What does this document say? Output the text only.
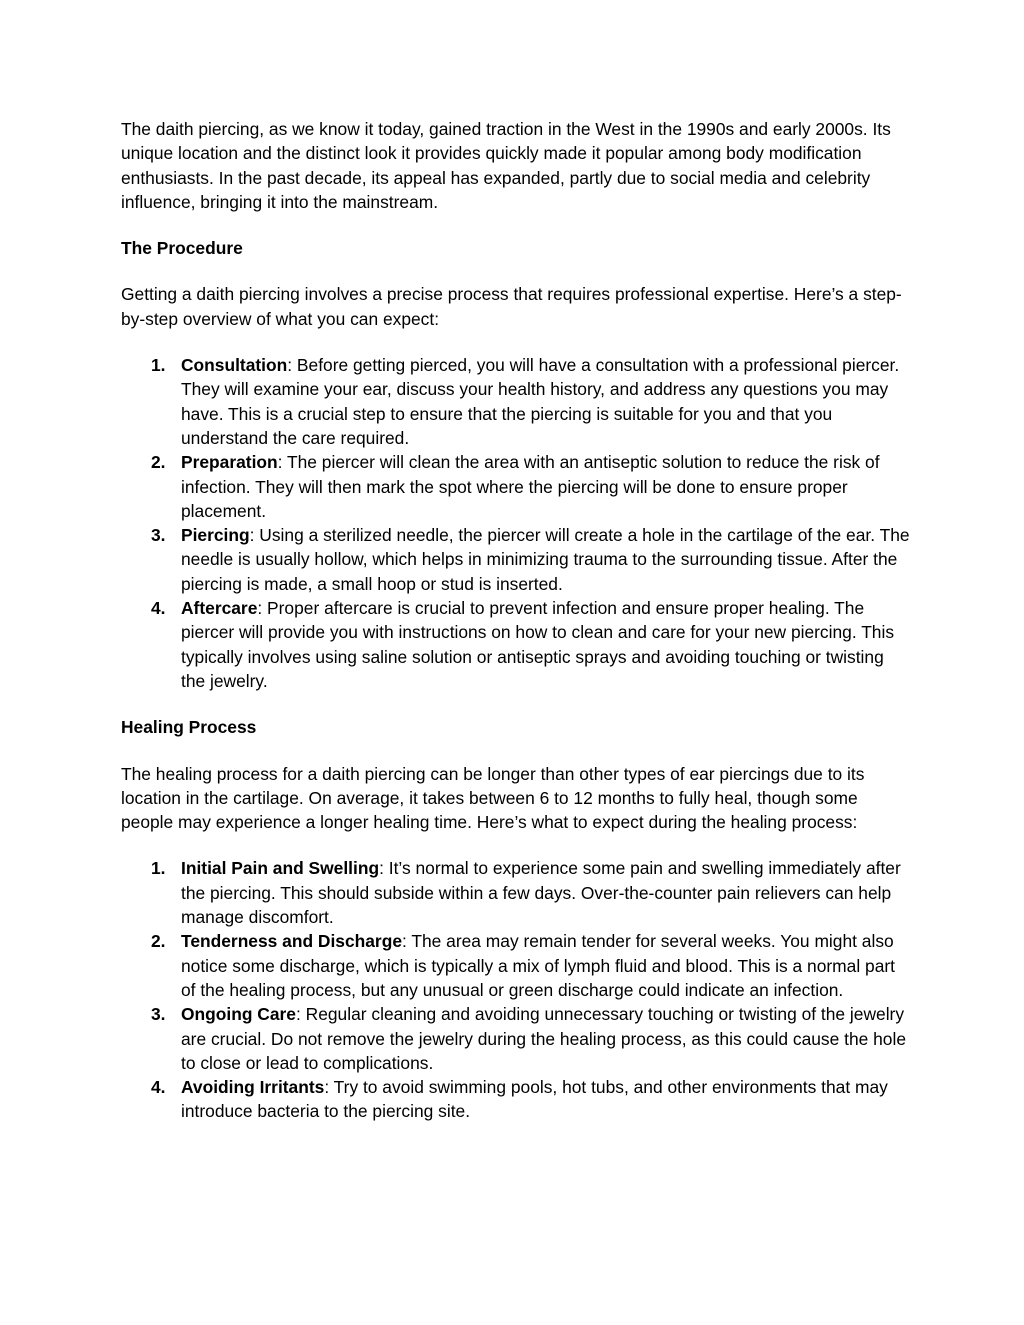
The daith piercing, as we know it today, gained traction in the West in the 1990s and early 2000s. Its unique location and the distinct look it provides quickly made it popular among body modification enthusiasts. In the past decade, its appeal has expanded, partly due to social media and celebrity influence, bringing it into the mainstream.

The Procedure

Getting a daith piercing involves a precise process that requires professional expertise. Here’s a step-by-step overview of what you can expect:

1. Consultation: Before getting pierced, you will have a consultation with a professional piercer. They will examine your ear, discuss your health history, and address any questions you may have. This is a crucial step to ensure that the piercing is suitable for you and that you understand the care required.
2. Preparation: The piercer will clean the area with an antiseptic solution to reduce the risk of infection. They will then mark the spot where the piercing will be done to ensure proper placement.
3. Piercing: Using a sterilized needle, the piercer will create a hole in the cartilage of the ear. The needle is usually hollow, which helps in minimizing trauma to the surrounding tissue. After the piercing is made, a small hoop or stud is inserted.
4. Aftercare: Proper aftercare is crucial to prevent infection and ensure proper healing. The piercer will provide you with instructions on how to clean and care for your new piercing. This typically involves using saline solution or antiseptic sprays and avoiding touching or twisting the jewelry.

Healing Process

The healing process for a daith piercing can be longer than other types of ear piercings due to its location in the cartilage. On average, it takes between 6 to 12 months to fully heal, though some people may experience a longer healing time. Here’s what to expect during the healing process:

1. Initial Pain and Swelling: It’s normal to experience some pain and swelling immediately after the piercing. This should subside within a few days. Over-the-counter pain relievers can help manage discomfort.
2. Tenderness and Discharge: The area may remain tender for several weeks. You might also notice some discharge, which is typically a mix of lymph fluid and blood. This is a normal part of the healing process, but any unusual or green discharge could indicate an infection.
3. Ongoing Care: Regular cleaning and avoiding unnecessary touching or twisting of the jewelry are crucial. Do not remove the jewelry during the healing process, as this could cause the hole to close or lead to complications.
4. Avoiding Irritants: Try to avoid swimming pools, hot tubs, and other environments that may introduce bacteria to the piercing site.
